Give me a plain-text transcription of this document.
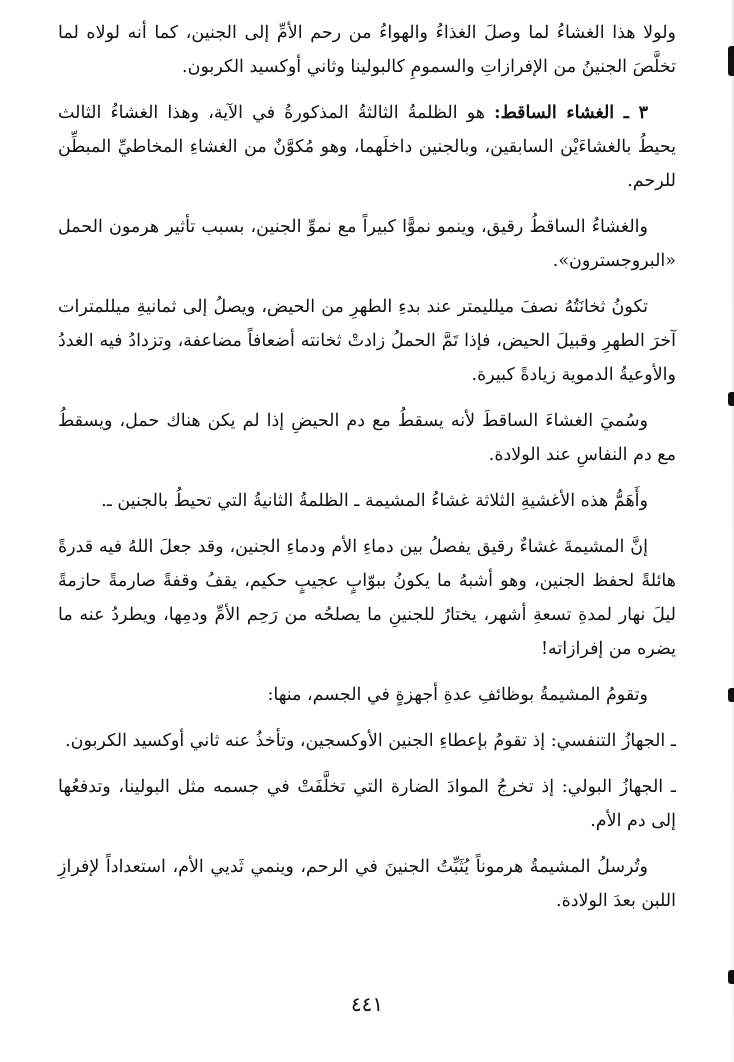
ولولا هذا الغشاءُ لما وصلَ الغذاءُ والهواءُ من رحم الأمِّ إلى الجنين، كما أنه لولاه لما تخلَّصَ الجنينُ من الإفرازاتِ والسمومِ كالبولينا وثاني أوكسيد الكربون.

٣ ـ الغشاء الساقط: هو الظلمةُ الثالثةُ المذكورةُ في الآية، وهذا الغشاءُ الثالث يحيطُ بالغشاءَيْن السابقين، وبالجنين داخلَهما، وهو مُكوَّنٌ من الغشاءِ المخاطيِّ المبطِّن للرحم.

والغشاءُ الساقطُ رقيق، وينمو نموًّا كبيراً مع نموِّ الجنين، بسبب تأثير هرمون الحمل «البروجسترون».

تكونُ ثخانَتُهُ نصفَ ميلليمتر عند بدءِ الطهرِ من الحيض، ويصلُ إلى ثمانيةِ ميللمترات آخرَ الطهرِ وقبيلَ الحيض، فإذا تَمَّ الحملُ زادتْ ثخانته أضعافاً مضاعفة، وتزدادُ فيه الغددُ والأوعيةُ الدموية زيادةً كبيرة.

وسُميَ الغشاءَ الساقطَ لأنه يسقطُ مع دم الحيضِ إذا لم يكن هناك حمل، ويسقطُ مع دم النفاسِ عند الولادة.

وأَهَمُّ هذه الأغشيةِ الثلاثة غشاءُ المشيمة ـ الظلمةُ الثانيةُ التي تحيطُ بالجنين ـ.

إنَّ المشيمةَ غشاءٌ رقيق يفصلُ بين دماءِ الأم ودماءِ الجنين، وقد جعلَ اللهُ فيه قدرةً هائلةً لحفظ الجنين، وهو أشبهُ ما يكونُ ببوّابٍ عجيبٍ حكيم، يقفُ وقفةً صارمةً حازمةً ليلَ نهار لمدةِ تسعةِ أشهر، يختارُ للجنينِ ما يصلحُه من رَحِم الأمِّ ودمِها، ويطردُ عنه ما يضره من إفرازاته!

وتقومُ المشيمةُ بوظائفِ عدةِ أجهزةٍ في الجسم، منها:

ـ الجهازُ التنفسي: إذ تقومُ بإعطاءِ الجنين الأوكسجين، وتأخذُ عنه ثاني أوكسيد الكربون.

ـ الجهازُ البولي: إذ تخرجُ الموادَ الضارة التي تخلَّفَتْ في جسمه مثل البولينا، وتدفعُها إلى دم الأم.

وتُرسلُ المشيمةُ هرموناً يُثَبِّتُ الجنينَ في الرحم، وينمي ثَديي الأم، استعداداً لإفرازِ اللبن بعدَ الولادة.

٤٤١
